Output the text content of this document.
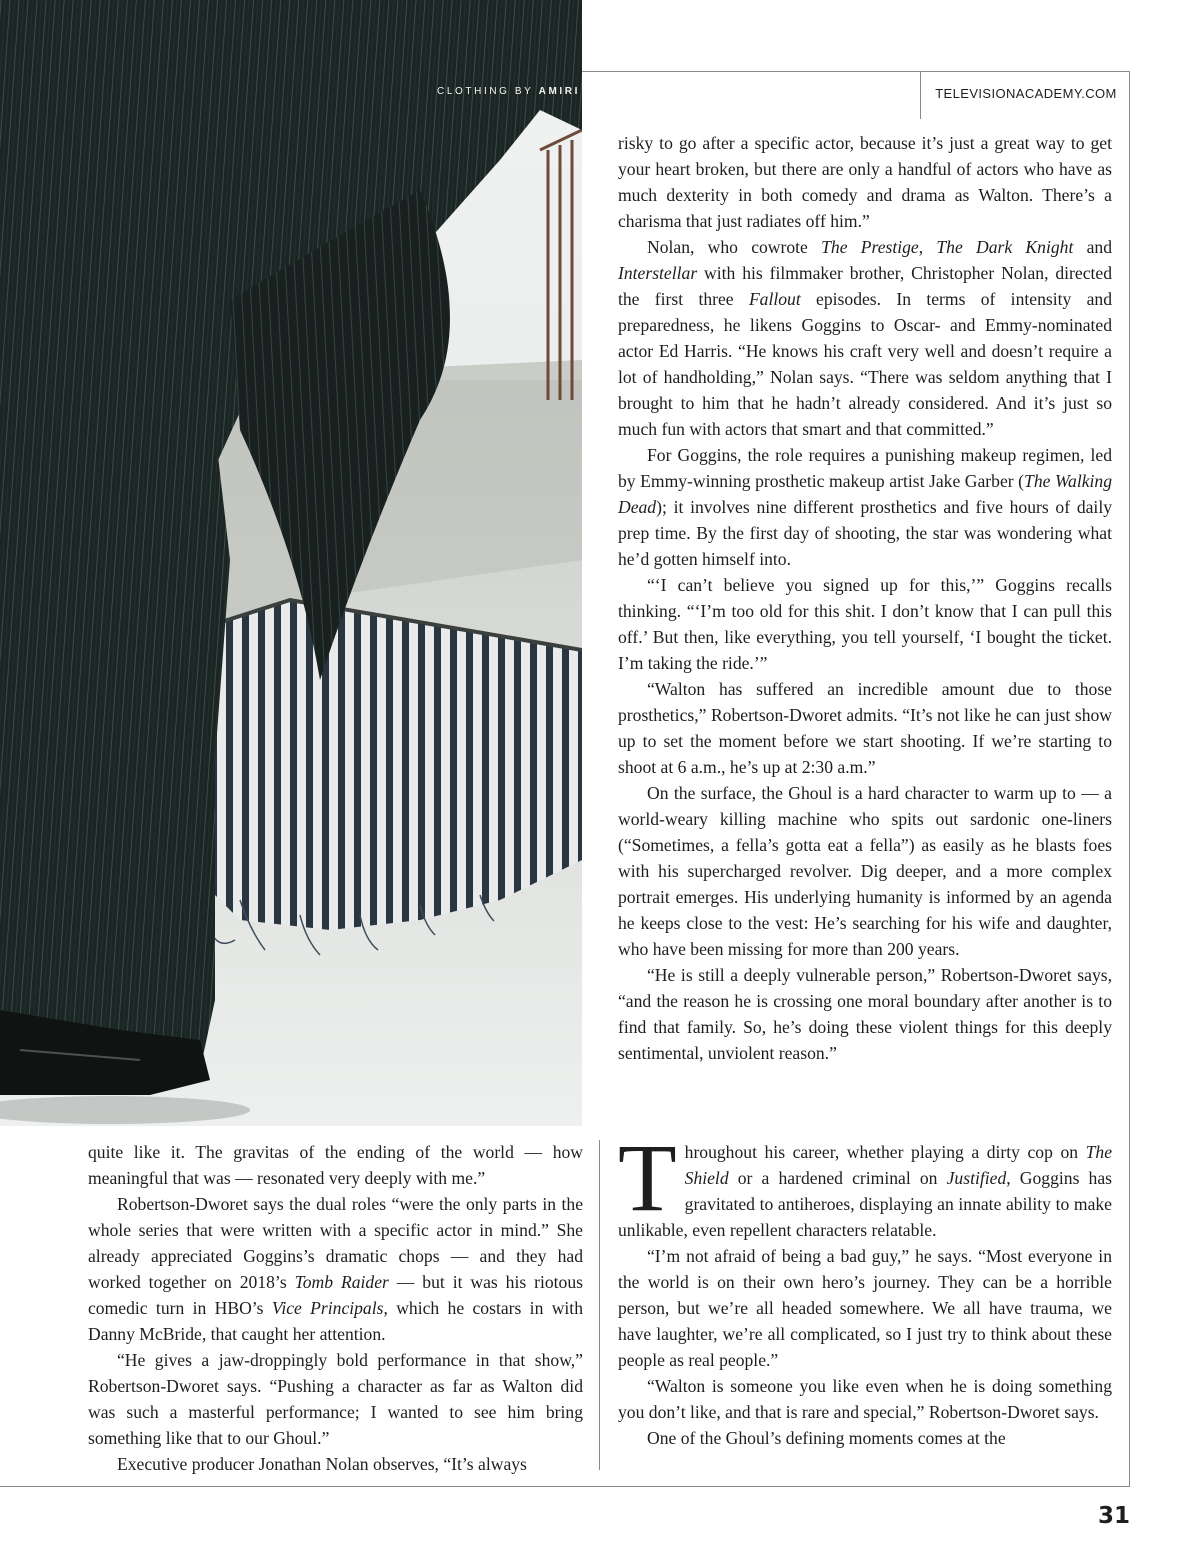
CLOTHING BY AMIRI	TELEVISIONACADEMY.COM

risky to go after a specific actor, because it’s just a great way to get your heart broken, but there are only a handful of actors who have as much dexterity in both comedy and drama as Walton. There’s a charisma that just radiates off him.”

Nolan, who cowrote The Prestige, The Dark Knight and Interstellar with his filmmaker brother, Christopher Nolan, directed the first three Fallout episodes. In terms of intensity and preparedness, he likens Goggins to Oscar- and Emmy-nominated actor Ed Harris. “He knows his craft very well and doesn’t require a lot of handholding,” Nolan says. “There was seldom anything that I brought to him that he hadn’t already considered. And it’s just so much fun with actors that smart and that committed.”

For Goggins, the role requires a punishing makeup regimen, led by Emmy-winning prosthetic makeup artist Jake Garber (The Walking Dead); it involves nine different prosthetics and five hours of daily prep time. By the first day of shooting, the star was wondering what he’d gotten himself into.

“‘I can’t believe you signed up for this,’” Goggins recalls thinking. “‘I’m too old for this shit. I don’t know that I can pull this off.’ But then, like everything, you tell yourself, ‘I bought the ticket. I’m taking the ride.’”

“Walton has suffered an incredible amount due to those prosthetics,” Robertson-Dworet admits. “It’s not like he can just show up to set the moment before we start shooting. If we’re starting to shoot at 6 a.m., he’s up at 2:30 a.m.”

On the surface, the Ghoul is a hard character to warm up to — a world-weary killing machine who spits out sardonic one-liners (“Sometimes, a fella’s gotta eat a fella”) as easily as he blasts foes with his supercharged revolver. Dig deeper, and a more complex portrait emerges. His underlying humanity is informed by an agenda he keeps close to the vest: He’s searching for his wife and daughter, who have been missing for more than 200 years.

“He is still a deeply vulnerable person,” Robertson-Dworet says, “and the reason he is crossing one moral boundary after another is to find that family. So, he’s doing these violent things for this deeply sentimental, unviolent reason.”

quite like it. The gravitas of the ending of the world — how meaningful that was — resonated very deeply with me.”

Robertson-Dworet says the dual roles “were the only parts in the whole series that were written with a specific actor in mind.” She already appreciated Goggins’s dramatic chops — and they had worked together on 2018’s Tomb Raider — but it was his riotous comedic turn in HBO’s Vice Principals, which he costars in with Danny McBride, that caught her attention.

“He gives a jaw-droppingly bold performance in that show,” Robertson-Dworet says. “Pushing a character as far as Walton did was such a masterful performance; I wanted to see him bring something like that to our Ghoul.”

Executive producer Jonathan Nolan observes, “It’s always

Throughout his career, whether playing a dirty cop on The Shield or a hardened criminal on Justified, Goggins has gravitated to antiheroes, displaying an innate ability to make unlikable, even repellent characters relatable.

“I’m not afraid of being a bad guy,” he says. “Most everyone in the world is on their own hero’s journey. They can be a horrible person, but we’re all headed somewhere. We all have trauma, we have laughter, we’re all complicated, so I just try to think about these people as real people.”

“Walton is someone you like even when he is doing something you don’t like, and that is rare and special,” Robertson-Dworet says.

One of the Ghoul’s defining moments comes at the

31
